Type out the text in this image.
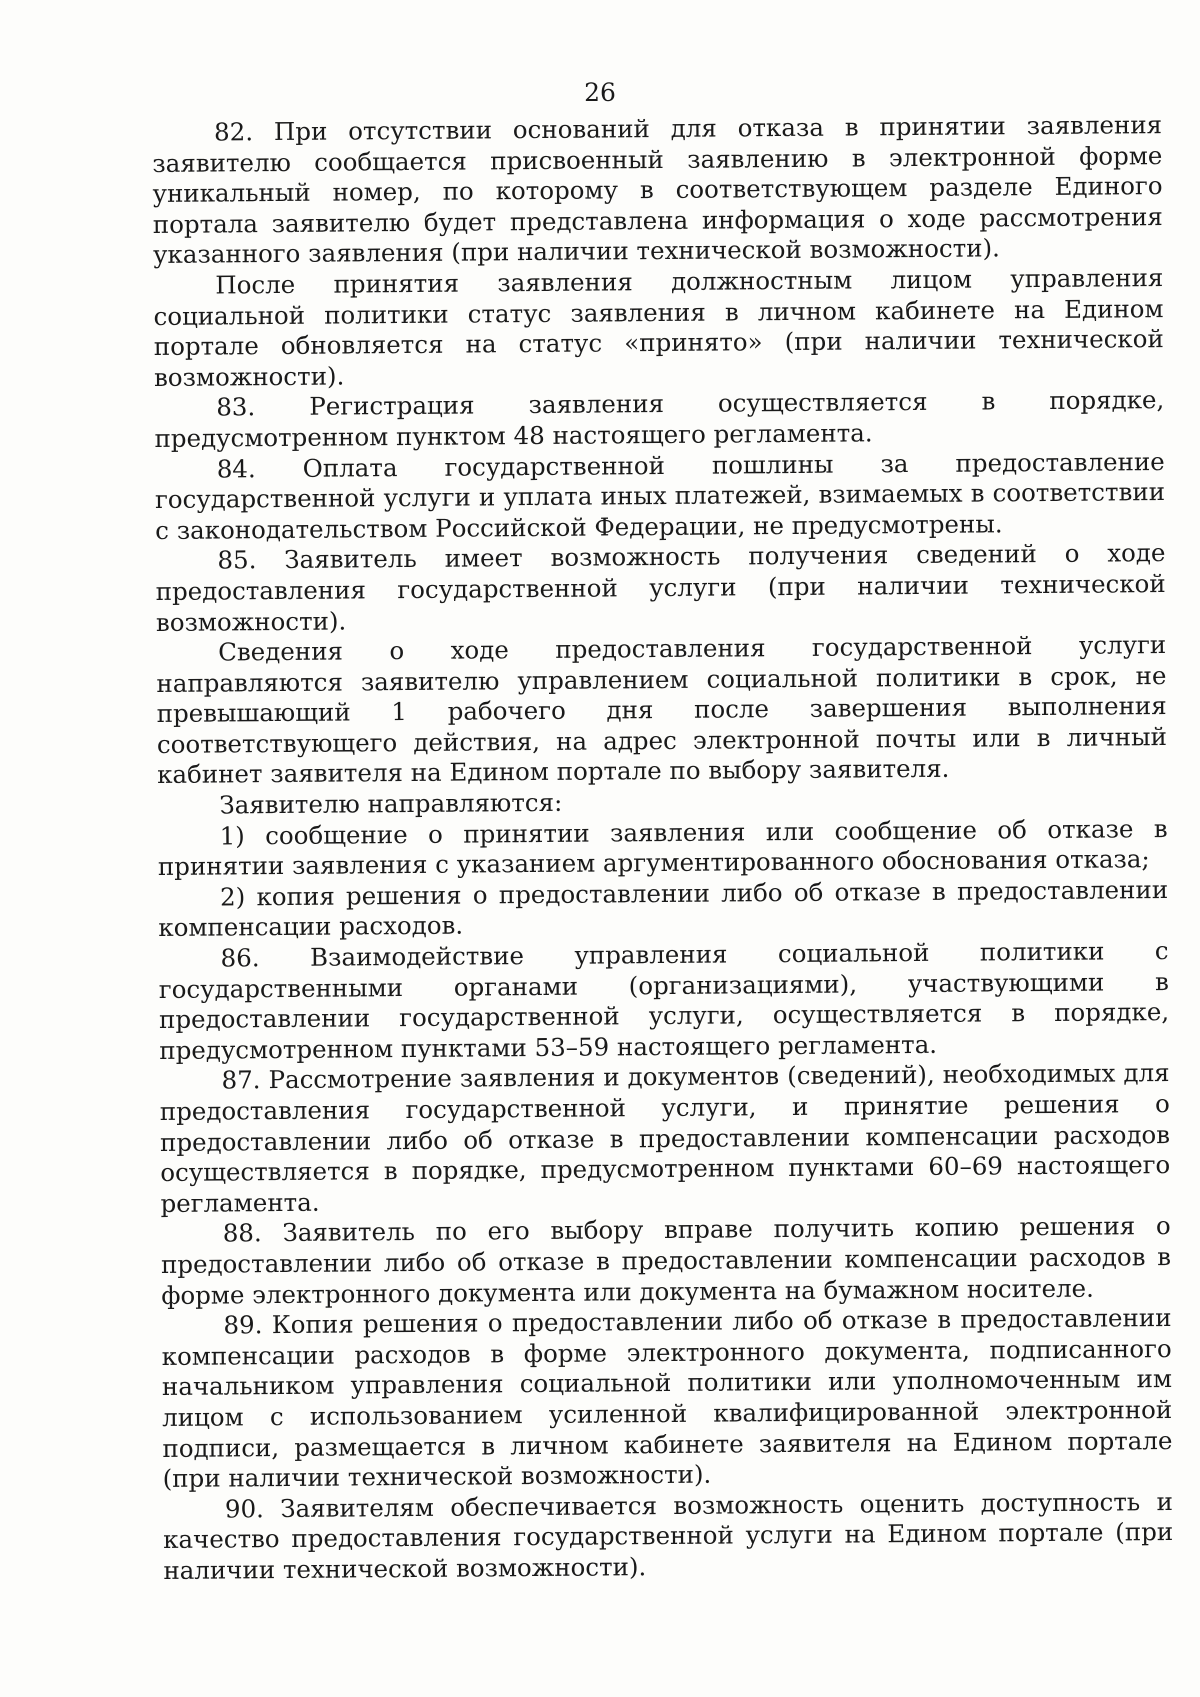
26

82. При отсутствии оснований для отказа в принятии заявления заявителю сообщается присвоенный заявлению в электронной форме уникальный номер, по которому в соответствующем разделе Единого портала заявителю будет представлена информация о ходе рассмотрения указанного заявления (при наличии технической возможности).

После принятия заявления должностным лицом управления социальной политики статус заявления в личном кабинете на Едином портале обновляется на статус «принято» (при наличии технической возможности).

83. Регистрация заявления осуществляется в порядке, предусмотренном пунктом 48 настоящего регламента.

84. Оплата государственной пошлины за предоставление государственной услуги и уплата иных платежей, взимаемых в соответствии с законодательством Российской Федерации, не предусмотрены.

85. Заявитель имеет возможность получения сведений о ходе предоставления государственной услуги (при наличии технической возможности).

Сведения о ходе предоставления государственной услуги направляются заявителю управлением социальной политики в срок, не превышающий 1 рабочего дня после завершения выполнения соответствующего действия, на адрес электронной почты или в личный кабинет заявителя на Едином портале по выбору заявителя.

Заявителю направляются:

1) сообщение о принятии заявления или сообщение об отказе в принятии заявления с указанием аргументированного обоснования отказа;

2) копия решения о предоставлении либо об отказе в предоставлении компенсации расходов.

86. Взаимодействие управления социальной политики с государственными органами (организациями), участвующими в предоставлении государственной услуги, осуществляется в порядке, предусмотренном пунктами 53–59 настоящего регламента.

87. Рассмотрение заявления и документов (сведений), необходимых для предоставления государственной услуги, и принятие решения о предоставлении либо об отказе в предоставлении компенсации расходов осуществляется в порядке, предусмотренном пунктами 60–69 настоящего регламента.

88. Заявитель по его выбору вправе получить копию решения о предоставлении либо об отказе в предоставлении компенсации расходов в форме электронного документа или документа на бумажном носителе.

89. Копия решения о предоставлении либо об отказе в предоставлении компенсации расходов в форме электронного документа, подписанного начальником управления социальной политики или уполномоченным им лицом с использованием усиленной квалифицированной электронной подписи, размещается в личном кабинете заявителя на Едином портале (при наличии технической возможности).

90. Заявителям обеспечивается возможность оценить доступность и качество предоставления государственной услуги на Едином портале (при наличии технической возможности).
